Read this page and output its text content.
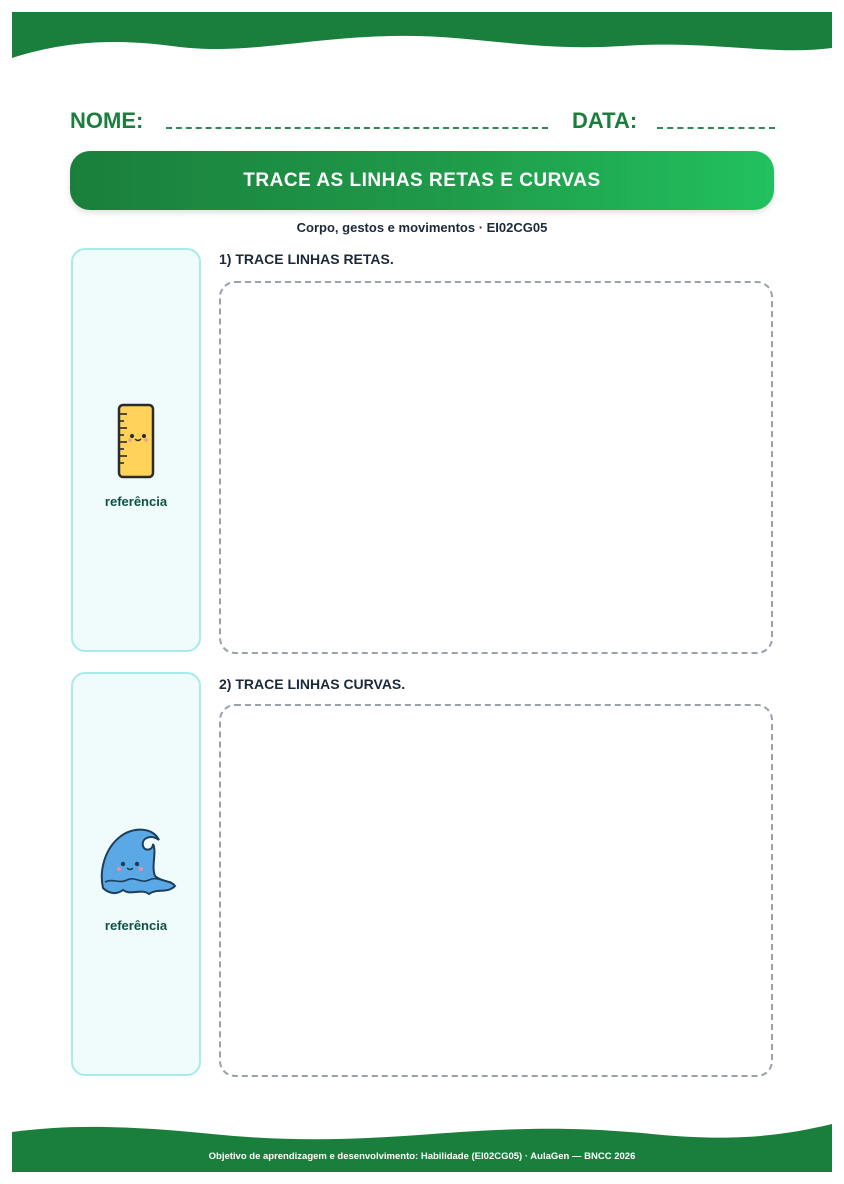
NOME:	DATA:
TRACE AS LINHAS RETAS E CURVAS
Corpo, gestos e movimentos · EI02CG05
referência
1) TRACE LINHAS RETAS.
referência
2) TRACE LINHAS CURVAS.
Objetivo de aprendizagem e desenvolvimento: Habilidade (EI02CG05) · AulaGen — BNCC 2026
